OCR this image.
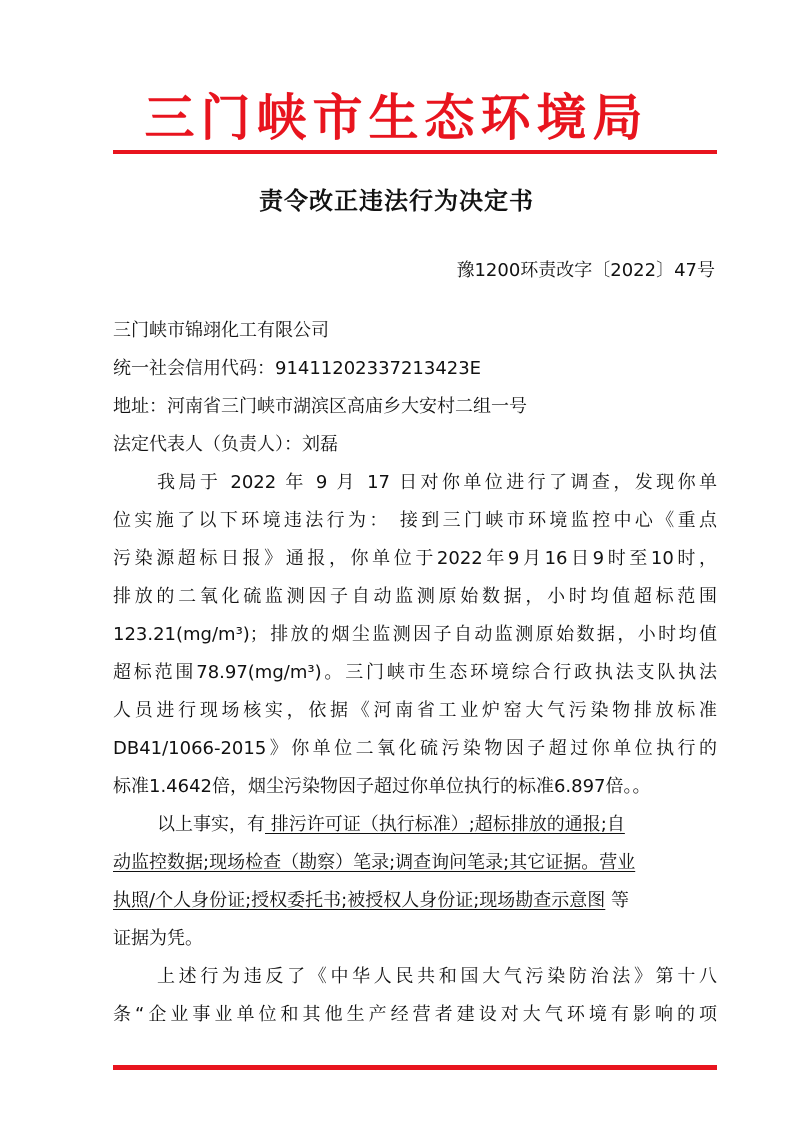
三门峡市生态环境局
责令改正违法行为决定书
豫1200环责改字〔2022〕47号
三门峡市锦翊化工有限公司
统一社会信用代码：91411202337213423E
地址：河南省三门峡市湖滨区高庙乡大安村二组一号
法定代表人（负责人）：刘磊
我局于 2022 年 9 月 17 日对你单位进行了调查，发现你单
位实施了以下环境违法行为： 接到三门峡市环境监控中心《重点
污染源超标日报》通报，你单位于2022年9月16日9时至10时，
排放的二氧化硫监测因子自动监测原始数据，小时均值超标范围
123.21(mg/m³)；排放的烟尘监测因子自动监测原始数据，小时均值
超标范围78.97(mg/m³)。三门峡市生态环境综合行政执法支队执法
人员进行现场核实，依据《河南省工业炉窑大气污染物排放标准
DB41/1066-2015》你单位二氧化硫污染物因子超过你单位执行的
标准1.4642倍，烟尘污染物因子超过你单位执行的标准6.897倍。。
以上事实，有 排污许可证（执行标准）;超标排放的通报;自
动监控数据;现场检查（勘察）笔录;调查询问笔录;其它证据。营业
执照/个人身份证;授权委托书;被授权人身份证;现场勘查示意图 等
证据为凭。
上述行为违反了《中华人民共和国大气污染防治法》第十八
条“企业事业单位和其他生产经营者建设对大气环境有影响的项
